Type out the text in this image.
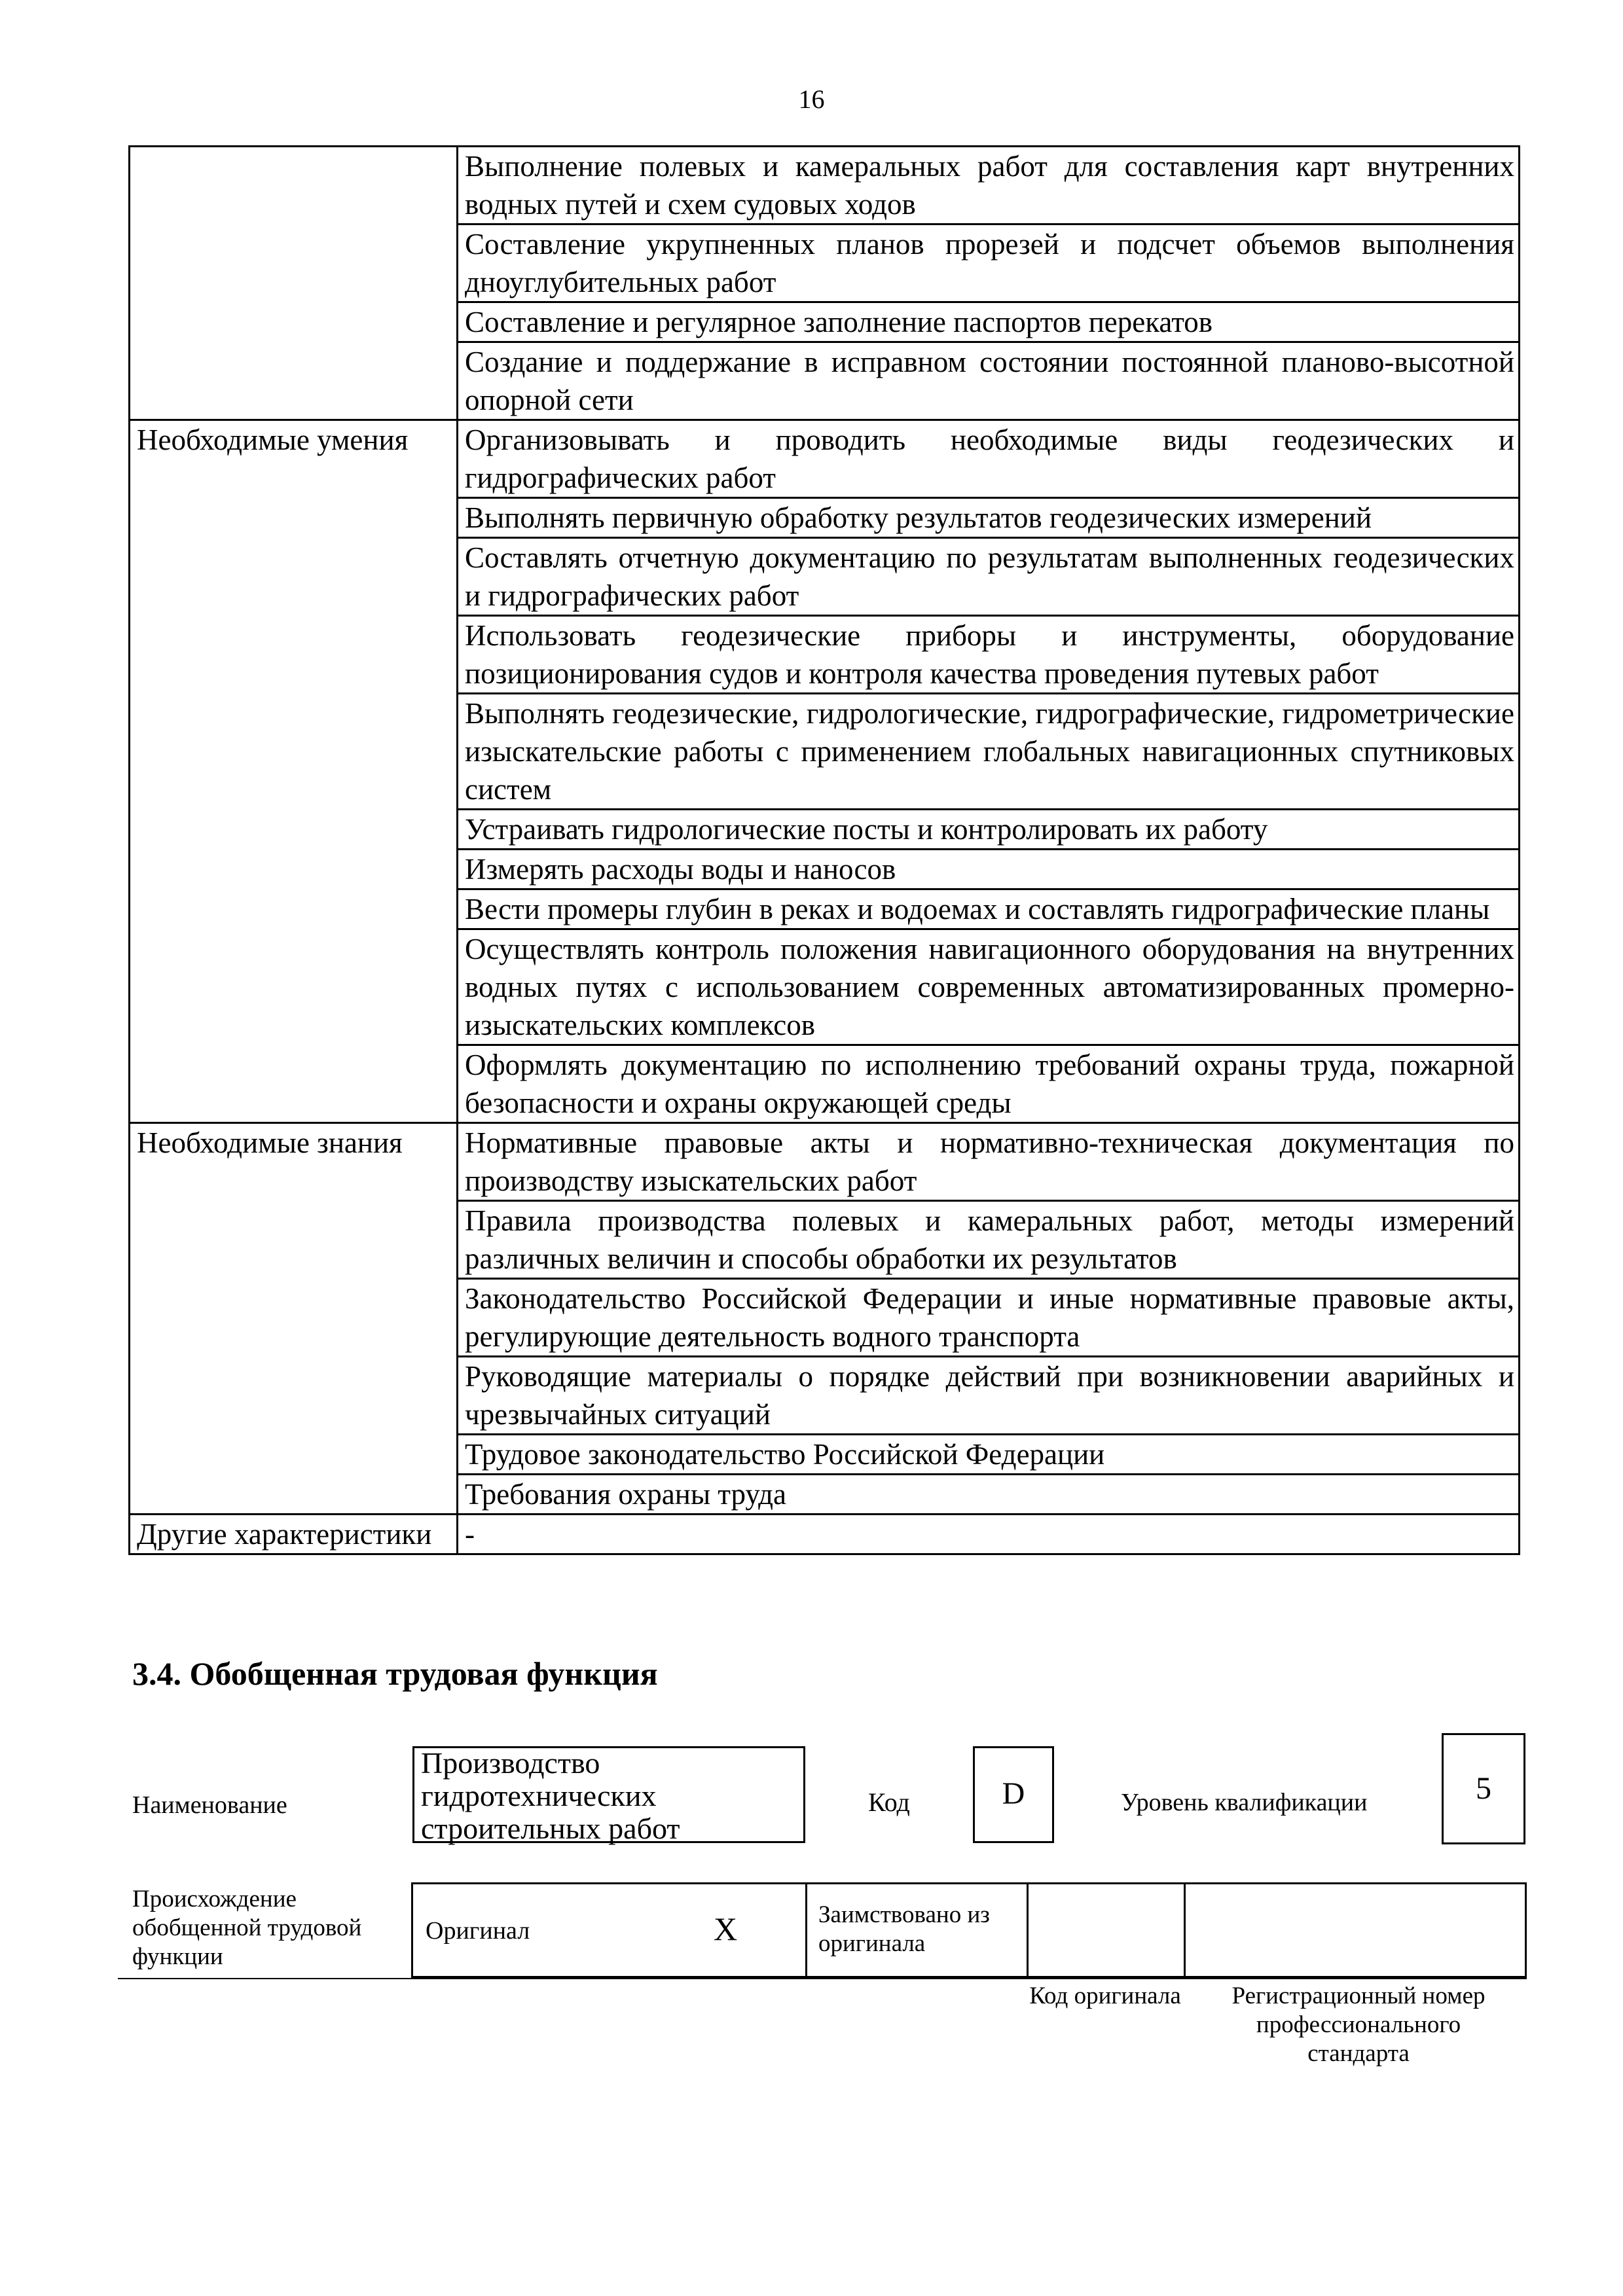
16
	Выполнение полевых и камеральных работ для составления карт внутренних водных путей и схем судовых ходов
	Составление укрупненных планов прорезей и подсчет объемов выполнения дноуглубительных работ
	Составление и регулярное заполнение паспортов перекатов
	Создание и поддержание в исправном состоянии постоянной планово-высотной опорной сети
Необходимые умения	Организовывать и проводить необходимые виды геодезических и гидрографических работ
	Выполнять первичную обработку результатов геодезических измерений
	Составлять отчетную документацию по результатам выполненных геодезических и гидрографических работ
	Использовать геодезические приборы и инструменты, оборудование позиционирования судов и контроля качества проведения путевых работ
	Выполнять геодезические, гидрологические, гидрографические, гидрометрические изыскательские работы с применением глобальных навигационных спутниковых систем
	Устраивать гидрологические посты и контролировать их работу
	Измерять расходы воды и наносов
	Вести промеры глубин в реках и водоемах и составлять гидрографические планы
	Осуществлять контроль положения навигационного оборудования на внутренних водных путях с использованием современных автоматизированных промерно-изыскательских комплексов
	Оформлять документацию по исполнению требований охраны труда, пожарной безопасности и охраны окружающей среды
Необходимые знания	Нормативные правовые акты и нормативно-техническая документация по производству изыскательских работ
	Правила производства полевых и камеральных работ, методы измерений различных величин и способы обработки их результатов
	Законодательство Российской Федерации и иные нормативные правовые акты, регулирующие деятельность водного транспорта
	Руководящие материалы о порядке действий при возникновении аварийных и чрезвычайных ситуаций
	Трудовое законодательство Российской Федерации
	Требования охраны труда
Другие характеристики	-
3.4. Обобщенная трудовая функция
Наименование
Производство гидротехнических строительных работ
Код	D	Уровень квалификации	5
Происхождение обобщенной трудовой функции
Оригинал	X	Заимствовано из оригинала
Код оригинала	Регистрационный номер профессионального стандарта
